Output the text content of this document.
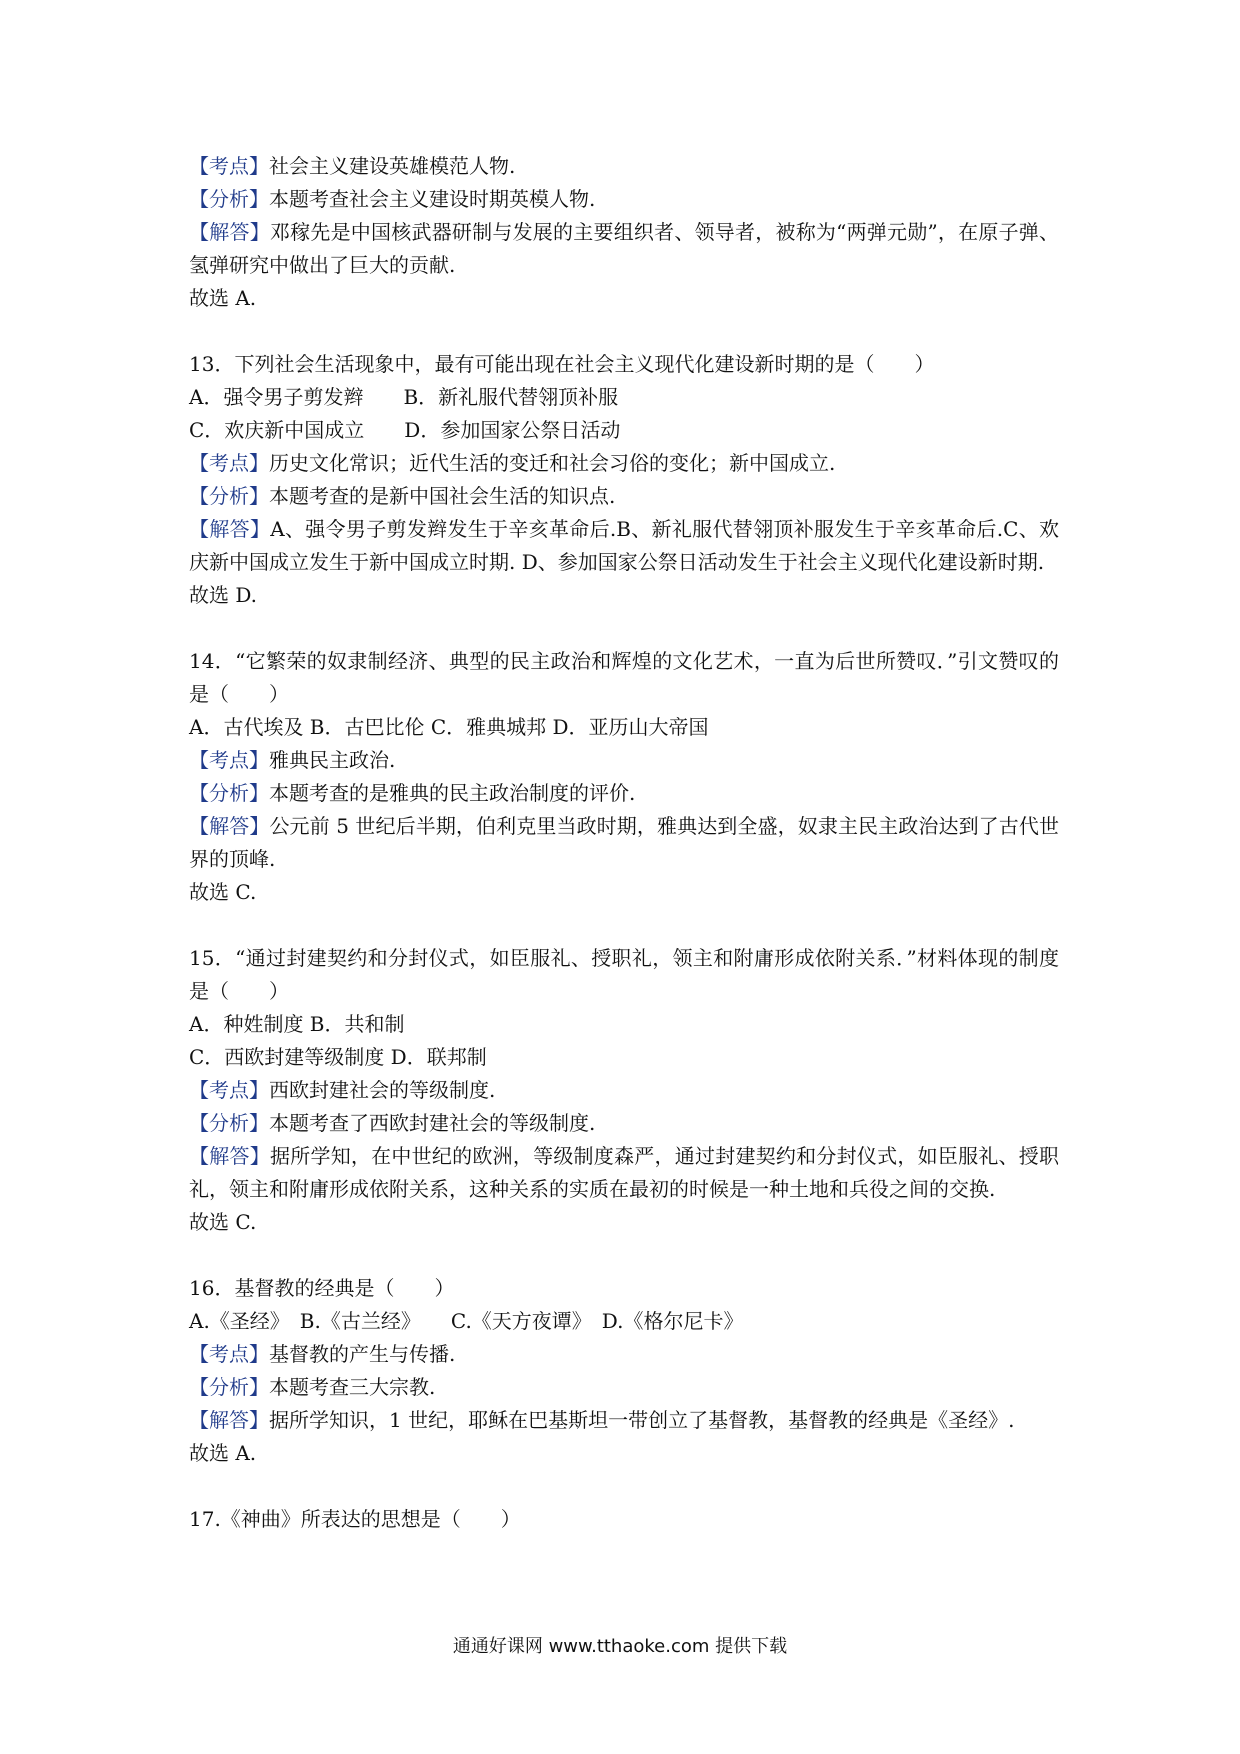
【考点】社会主义建设英雄模范人物.
【分析】本题考查社会主义建设时期英模人物.
【解答】邓稼先是中国核武器研制与发展的主要组织者、领导者，被称为“两弹元勋”，在原子弹、氢弹研究中做出了巨大的贡献.
故选 A.
13．下列社会生活现象中，最有可能出现在社会主义现代化建设新时期的是（　　）
A．强令男子剪发辫　　B．新礼服代替翎顶补服
C．欢庆新中国成立　　D．参加国家公祭日活动
【考点】历史文化常识；近代生活的变迁和社会习俗的变化；新中国成立.
【分析】本题考查的是新中国社会生活的知识点.
【解答】A、强令男子剪发辫发生于辛亥革命后.B、新礼服代替翎顶补服发生于辛亥革命后.C、欢庆新中国成立发生于新中国成立时期. D、参加国家公祭日活动发生于社会主义现代化建设新时期.
故选 D.
14．“它繁荣的奴隶制经济、典型的民主政治和辉煌的文化艺术，一直为后世所赞叹．”引文赞叹的是（　　）
A．古代埃及 B．古巴比伦 C．雅典城邦 D．亚历山大帝国
【考点】雅典民主政治.
【分析】本题考查的是雅典的民主政治制度的评价.
【解答】公元前 5 世纪后半期，伯利克里当政时期，雅典达到全盛，奴隶主民主政治达到了古代世界的顶峰.
故选 C.
15．“通过封建契约和分封仪式，如臣服礼、授职礼，领主和附庸形成依附关系．”材料体现的制度是（　　）
A．种姓制度 B．共和制
C．西欧封建等级制度 D．联邦制
【考点】西欧封建社会的等级制度.
【分析】本题考查了西欧封建社会的等级制度.
【解答】据所学知，在中世纪的欧洲，等级制度森严，通过封建契约和分封仪式，如臣服礼、授职礼，领主和附庸形成依附关系，这种关系的实质在最初的时候是一种土地和兵役之间的交换.
故选 C.
16．基督教的经典是（　　）
A.《圣经》　B.《古兰经》　　C.《天方夜谭》　D.《格尔尼卡》
【考点】基督教的产生与传播.
【分析】本题考查三大宗教.
【解答】据所学知识，1 世纪，耶稣在巴基斯坦一带创立了基督教，基督教的经典是《圣经》.
故选 A.
17.《神曲》所表达的思想是（　　）
通通好课网 www.tthaoke.com 提供下载
